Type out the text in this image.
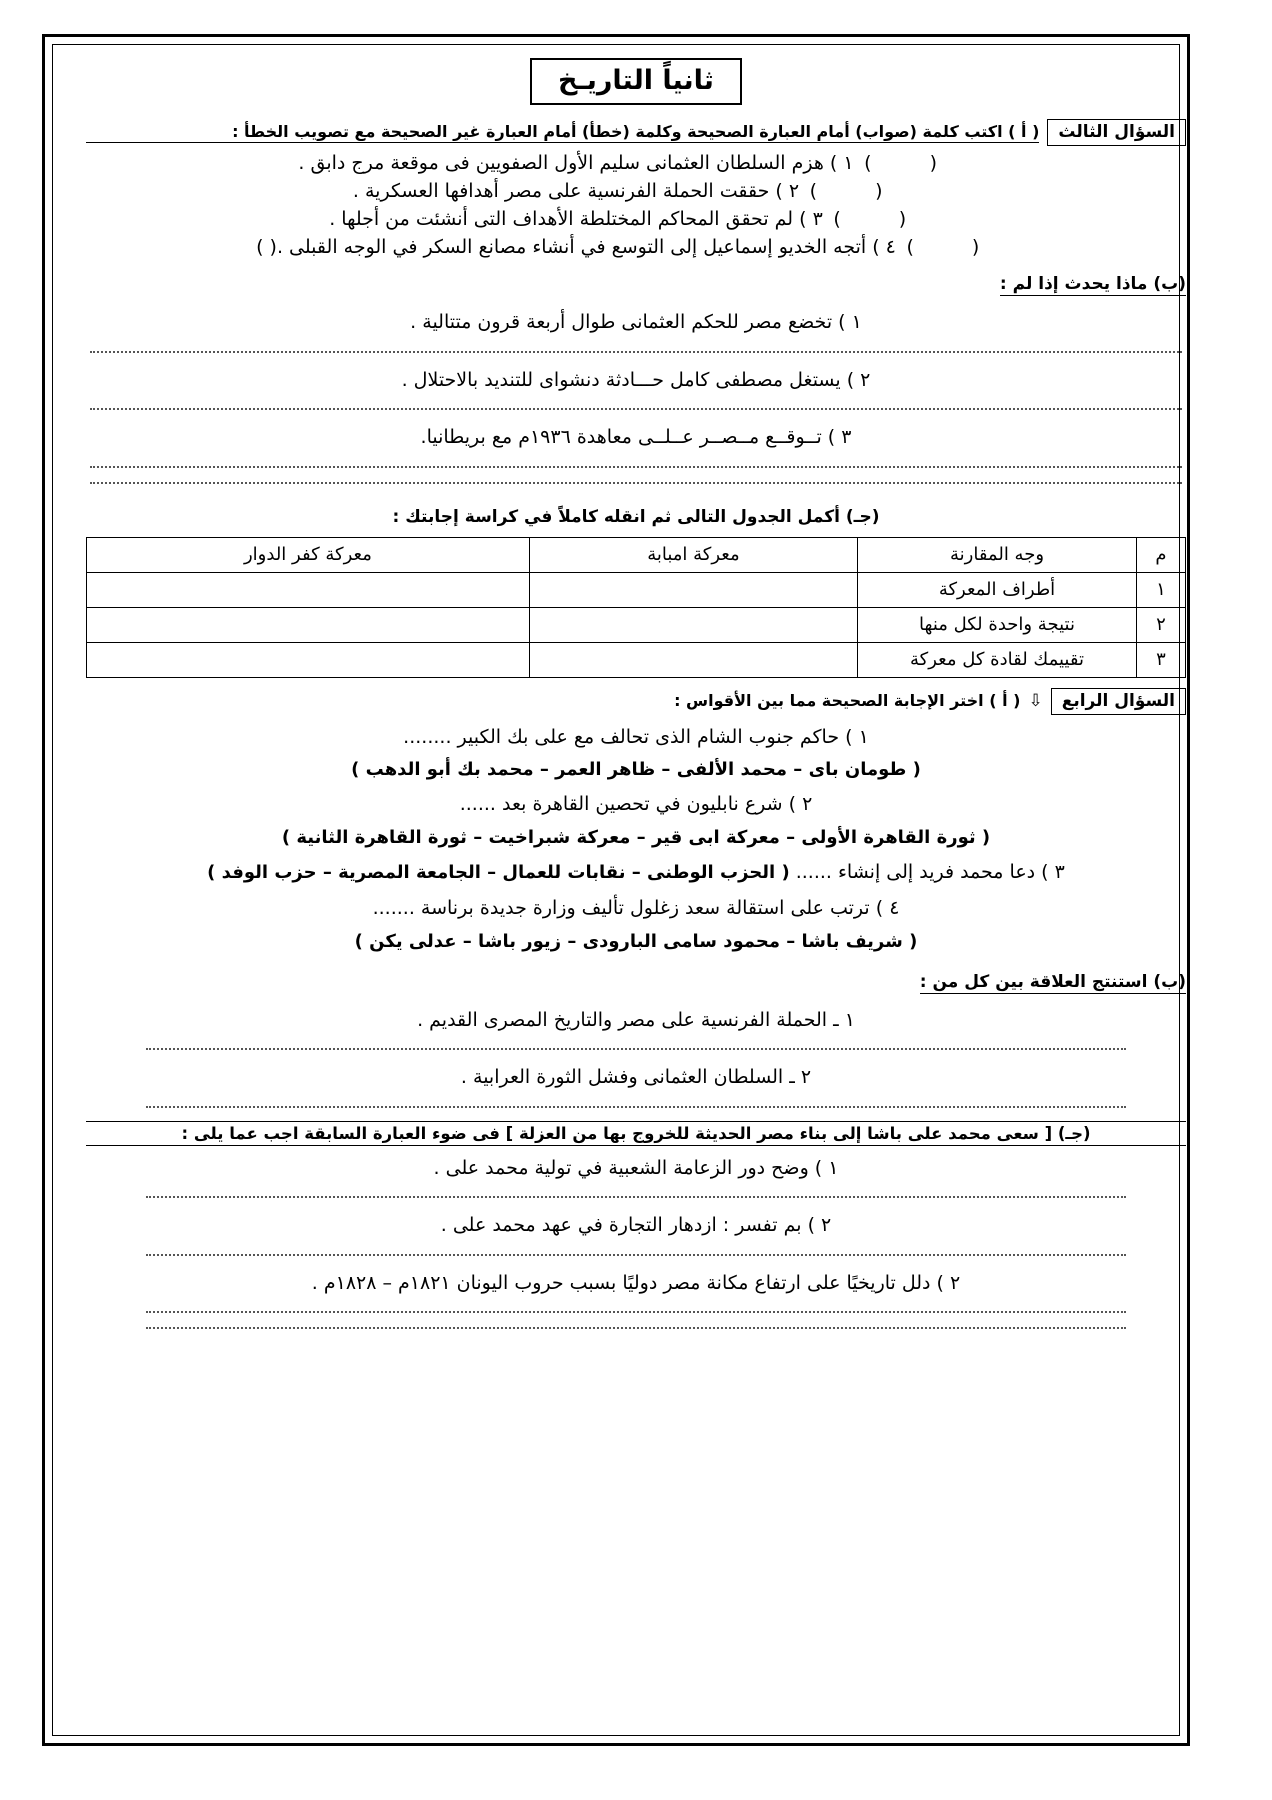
ثانياً التاريـخ
السؤال الثالث
( أ ) اكتب كلمة (صواب) أمام العبارة الصحيحة وكلمة (خطأ) أمام العبارة غير الصحيحة مع تصويب الخطأ :
( )
١ ) هزم السلطان العثمانى سليم الأول الصفويين فى موقعة مرج دابق .
( )
٢ ) حققت الحملة الفرنسية على مصر أهدافها العسكرية .
( )
٣ ) لم تحقق المحاكم المختلطة الأهداف التى أنشئت من أجلها .
( )
٤ ) أتجه الخديو إسماعيل إلى التوسع في أنشاء مصانع السكر في الوجه القبلى .( )
(ب) ماذا يحدث إذا لم :
١ ) تخضع مصر للحكم العثمانى طوال أربعة قرون متتالية .
٢ ) يستغل مصطفى كامل حـــادثة دنشواى للتنديد بالاحتلال .
٣ ) تــوقــع مــصــر عــلــى معاهدة ١٩٣٦م مع بريطانيا.
(جـ) أكمل الجدول التالى ثم انقله كاملاً في كراسة إجابتك :
م	وجه المقارنة	معركة امبابة	معركة كفر الدوار
١	أطراف المعركة		
٢	نتيجة واحدة لكل منها		
٣	تقييمك لقادة كل معركة		
السؤال الرابع
⇩
( أ ) اختر الإجابة الصحيحة مما بين الأقواس :
١ ) حاكم جنوب الشام الذى تحالف مع على بك الكبير ........
( طومان باى – محمد الألفى – ظاهر العمر – محمد بك أبو الدهب )
٢ ) شرع نابليون في تحصين القاهرة بعد ......
( ثورة القاهرة الأولى – معركة ابى قير – معركة شبراخيت – ثورة القاهرة الثانية )
٣ ) دعا محمد فريد إلى إنشاء ...... ( الحزب الوطنى – نقابات للعمال – الجامعة المصرية – حزب الوفد )
٤ ) ترتب على استقالة سعد زغلول تأليف وزارة جديدة برناسة .......
( شريف باشا – محمود سامى البارودى – زيور باشا – عدلى يكن )
(ب) استنتج العلاقة بين كل من :
١ ـ الحملة الفرنسية على مصر والتاريخ المصرى القديم .
٢ ـ السلطان العثمانى وفشل الثورة العرابية .
(جـ) [ سعى محمد على باشا إلى بناء مصر الحديثة للخروج بها من العزلة ] فى ضوء العبارة السابقة اجب عما يلى :
١ ) وضح دور الزعامة الشعبية في تولية محمد على .
٢ ) بم تفسر : ازدهار التجارة في عهد محمد على .
٢ ) دلل تاريخيًا على ارتفاع مكانة مصر دوليًا بسبب حروب اليونان ١٨٢١م – ١٨٢٨م .
